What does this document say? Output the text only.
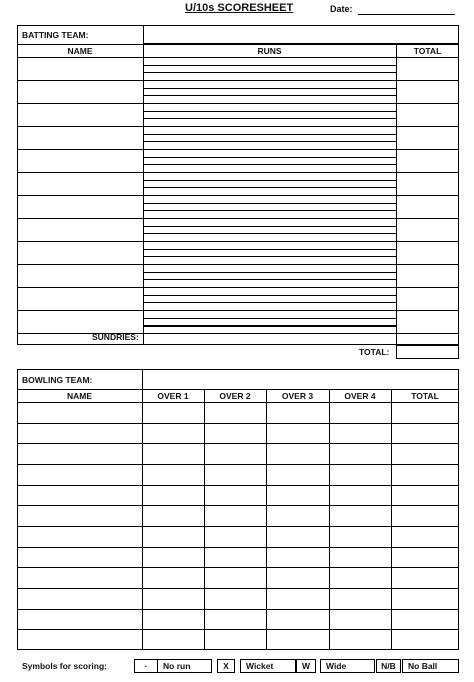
U/10s SCORESHEET	Date:
BATTING TEAM:
NAME	RUNS	TOTAL
SUNDRIES:
TOTAL:
BOWLING TEAM:
NAME	OVER 1	OVER 2	OVER 3	OVER 4	TOTAL
Symbols for scoring:	·	No run	X	Wicket	W	Wide	N/B	No Ball
